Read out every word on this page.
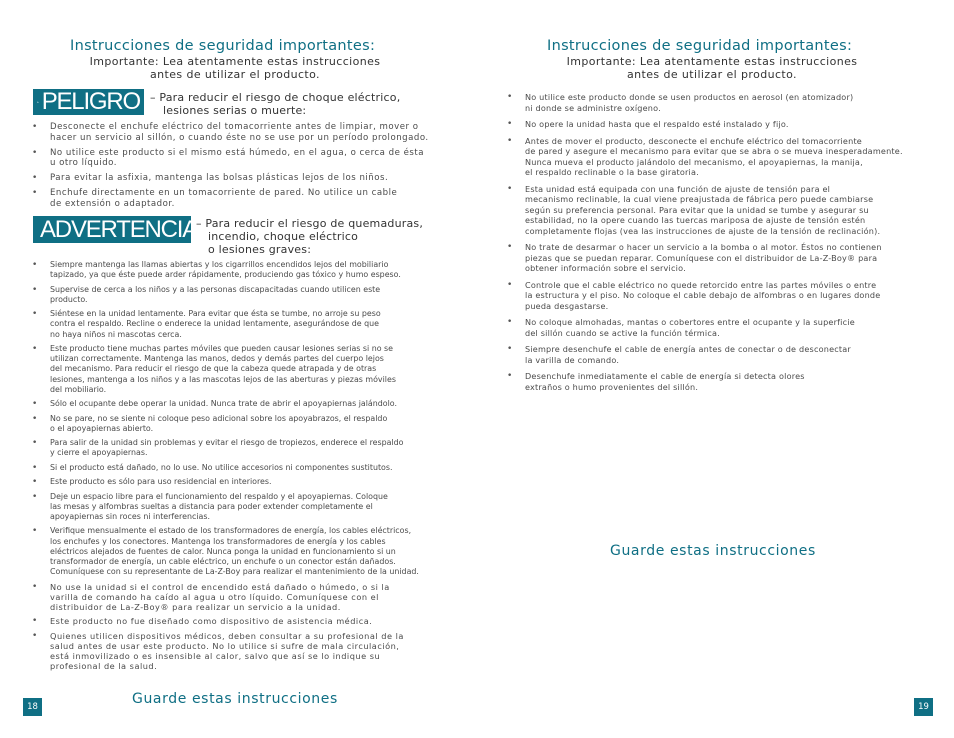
Instrucciones de seguridad importantes:
Importante: Lea atentamente estas instrucciones
antes de utilizar el producto.
PELIGRO – Para reducir el riesgo de choque eléctrico,
lesiones serias o muerte:
• Desconecte el enchufe eléctrico del tomacorriente antes de limpiar, mover o
hacer un servicio al sillón, o cuando éste no se use por un período prolongado.
• No utilice este producto si el mismo está húmedo, en el agua, o cerca de ésta
u otro líquido.
• Para evitar la asfixia, mantenga las bolsas plásticas lejos de los niños.
• Enchufe directamente en un tomacorriente de pared. No utilice un cable
de extensión o adaptador.
ADVERTENCIA
– Para reducir el riesgo de quemaduras,
incendio, choque eléctrico
o lesiones graves:
• Siempre mantenga las llamas abiertas y los cigarrillos encendidos lejos del mobiliario
tapizado, ya que éste puede arder rápidamente, produciendo gas tóxico y humo espeso.
• Supervise de cerca a los niños y a las personas discapacitadas cuando utilicen este
producto.
• Siéntese en la unidad lentamente. Para evitar que ésta se tumbe, no arroje su peso
contra el respaldo. Recline o enderece la unidad lentamente, asegurándose de que
no haya niños ni mascotas cerca.
• Este producto tiene muchas partes móviles que pueden causar lesiones serias si no se
utilizan correctamente. Mantenga las manos, dedos y demás partes del cuerpo lejos
del mecanismo. Para reducir el riesgo de que la cabeza quede atrapada y de otras
lesiones, mantenga a los niños y a las mascotas lejos de las aberturas y piezas móviles
del mobiliario.
• Sólo el ocupante debe operar la unidad. Nunca trate de abrir el apoyapiernas jalándolo.
• No se pare, no se siente ni coloque peso adicional sobre los apoyabrazos, el respaldo
o el apoyapiernas abierto.
• Para salir de la unidad sin problemas y evitar el riesgo de tropiezos, enderece el respaldo
y cierre el apoyapiernas.
• Si el producto está dañado, no lo use. No utilice accesorios ni componentes sustitutos.
• Este producto es sólo para uso residencial en interiores.
• Deje un espacio libre para el funcionamiento del respaldo y el apoyapiernas. Coloque
las mesas y alfombras sueltas a distancia para poder extender completamente el
apoyapiernas sin roces ni interferencias.
• Verifique mensualmente el estado de los transformadores de energía, los cables eléctricos,
los enchufes y los conectores. Mantenga los transformadores de energía y los cables
eléctricos alejados de fuentes de calor. Nunca ponga la unidad en funcionamiento si un
transformador de energía, un cable eléctrico, un enchufe o un conector están dañados.
Comuníquese con su representante de La-Z-Boy para realizar el mantenimiento de la unidad.
• No use la unidad si el control de encendido está dañado o húmedo, o si la
varilla de comando ha caído al agua u otro líquido. Comuníquese con el
distribuidor de La-Z-Boy® para realizar un servicio a la unidad.
• Este producto no fue diseñado como dispositivo de asistencia médica.
• Quienes utilicen dispositivos médicos, deben consultar a su profesional de la
salud antes de usar este producto. No lo utilice si sufre de mala circulación,
está inmovilizado o es insensible al calor, salvo que así se lo indique su
profesional de la salud.
Guarde estas instrucciones
18
Instrucciones de seguridad importantes:
Importante: Lea atentamente estas instrucciones
antes de utilizar el producto.
Guarde estas instrucciones
19
• No utilice este producto donde se usen productos en aerosol (en atomizador)
ni donde se administre oxígeno.
• No opere la unidad hasta que el respaldo esté instalado y fijo.
• Antes de mover el producto, desconecte el enchufe eléctrico del tomacorriente
de pared y asegure el mecanismo para evitar que se abra o se mueva inesperadamente.
Nunca mueva el producto jalándolo del mecanismo, el apoyapiernas, la manija,
el respaldo reclinable o la base giratoria.
• Esta unidad está equipada con una función de ajuste de tensión para el
mecanismo reclinable, la cual viene preajustada de fábrica pero puede cambiarse
según su preferencia personal. Para evitar que la unidad se tumbe y asegurar su
estabilidad, no la opere cuando las tuercas mariposa de ajuste de tensión estén
completamente flojas (vea las instrucciones de ajuste de la tensión de reclinación).
• No trate de desarmar o hacer un servicio a la bomba o al motor. Éstos no contienen
piezas que se puedan reparar. Comuníquese con el distribuidor de La-Z-Boy® para
obtener información sobre el servicio.
• Controle que el cable eléctrico no quede retorcido entre las partes móviles o entre
la estructura y el piso. No coloque el cable debajo de alfombras o en lugares donde
pueda desgastarse.
• No coloque almohadas, mantas o cobertores entre el ocupante y la superficie
del sillón cuando se active la función térmica.
• Siempre desenchufe el cable de energía antes de conectar o de desconectar
la varilla de comando.
• Desenchufe inmediatamente el cable de energía si detecta olores
extraños o humo provenientes del sillón.
